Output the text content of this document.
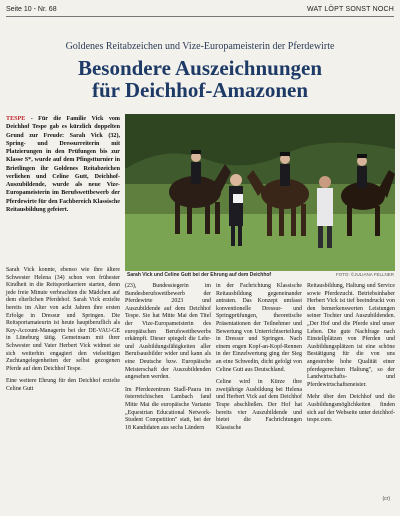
Seite 10 - Nr. 68	WAT LÖPT SONST NOCH
Goldenes Reitabzeichen und Vize-Europameisterin der Pferdewirte
Besondere Auszeichnungen
für Deichhof-Amazonen
TESPE - Für die Familie Vick vom Deichhof Tespe gab es kürzlich doppelten Grund zur Freude: Sarah Vick (32), Spring- und Dressurreiterin mit Platzierungen in den Prüfungen bis zur Klasse S*, wurde auf dem Pfingstturnier in Brietlingen ihr Goldenes Reitabzeichen verliehen und Celine Gutt, Deichhof-Auszubildende, wurde als neue Vize-Europameisterin im Berufswettbewerb der Pferdewirte für den Fachbereich Klassische Reitausbildung gefeiert.
Sarah Vick und Celine Gutt bei der Ehrung auf dem Deichhof	FOTO: ©JULIANA FELLNER

Sarah Vick konnte, ebenso wie ihre ältere Schwester Helena (34) schon von frühester Kindheit in die Reitsportkarriere starten, denn jede freie Minute verbrachten die Mädchen auf dem elterlichen Pferdehof. Sarah Vick erzielte bereits im Alter von acht Jahren ihre ersten Erfolge in Dressur und Springen. Die Reitsportamateurin ist heute hauptberuflich als Key-Account-Managerin bei der DE-VAU-GE in Lüneburg tätig. Gemeinsam mit ihrer Schwester und Vater Herbert Vick widmet sie sich weiterhin engagiert den vielseitigen Zuchtangelegenheiten der selbst gezogenen Pferde auf dem Deichhof Tespe.

Eine weitere Ehrung für den Deichhof erzielte Celine Gutt

(23), Bundessiegerin im Bundesberufswettbewerb der Pferdewirte 2023 und Auszubildende auf dem Deichhof Tespe. Sie hat Mitte Mai den Titel der Vize-Europameisterin des europäischen Berufswettbewerbs erkämpft. Dieser spiegelt die Lehr- und Ausbildungsfähigkeiten aller Berufsausbilder wider und kann als eine Deutsche bzw. Europäische Meisterschaft der Auszubildenden angesehen werden.

Im Pferdezentrum Stadl-Paura im österreichischen Lambach fand Mitte Mai die europäische Variante „Equestrian Educational Network-Student Competition" statt, bei der 18 Kandidaten aus sechs Ländern

in der Fachrichtung Klassische Reitausbildung gegeneinander antraten. Das Konzept umfasst konventionelle Dressur- und Springprüfungen, theoretische Präsentationen der Teilnehmer und Bewertung von Unterrichtserteilung in Dressur und Springen. Nach einem engen Kopf-an-Kopf-Rennen in der Einzelwertung ging der Sieg an eine Schwedin, dicht gefolgt von Celine Gutt aus Deutschland.

Celine wird in Kürze ihre zweijährige Ausbildung bei Helena und Herbert Vick auf dem Deichhof Tespe abschließen. Der Hof hat bereits vier Auszubildende und bietet die Fachrichtungen Klassische

Reitausbildung, Haltung und Service sowie Pferdezucht. Betriebsinhaber Herbert Vick ist tief beeindruckt von den bemerkenswerten Leistungen seiner Tochter und Auszubildenden. „Der Hof und die Pferde sind unser Leben. Die gute Nachfrage nach Einstellplätzen von Pferden und Ausbildungsplätzen ist eine schöne Bestätigung für die von uns angestrebte hohe Qualität einer pferdegerechten Haltung", so der Landwirtschafts- und Pferdewirtschaftsmeister.

Mehr über den Deichhof und die Ausbildungsmöglichkeiten finden sich auf der Webseite unter deichhof-tespe.com.

(cr)
